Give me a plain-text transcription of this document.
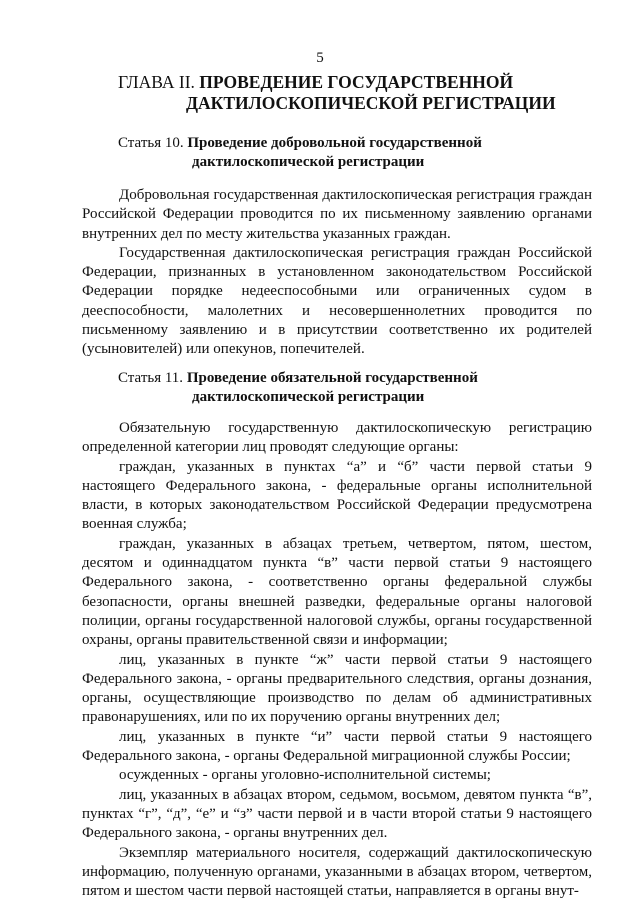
5
ГЛАВА II. ПРОВЕДЕНИЕ ГОСУДАРСТВЕННОЙ
ДАКТИЛОСКОПИЧЕСКОЙ РЕГИСТРАЦИИ
Статья 10. Проведение добровольной государственной
дактилоскопической регистрации

Добровольная государственная дактилоскопическая регистрация граждан Российской Федерации проводится по их письменному заявлению органами внутренних дел по месту жительства указанных граждан.

Государственная дактилоскопическая регистрация граждан Российской Федерации, признанных в установленном законодательством Российской Федерации порядке недееспособными или ограниченных судом в дееспособности, малолетних и несовершеннолетних проводится по письменному заявлению и в присутствии соответственно их родителей (усыновителей) или опекунов, попечителей.

Статья 11. Проведение обязательной государственной
дактилоскопической регистрации

Обязательную государственную дактилоскопическую регистрацию определенной категории лиц проводят следующие органы:

граждан, указанных в пунктах “а” и “б” части первой статьи 9 настоящего Федерального закона, - федеральные органы исполнительной власти, в которых законодательством Российской Федерации предусмотрена военная служба;

граждан, указанных в абзацах третьем, четвертом, пятом, шестом, десятом и одиннадцатом пункта “в” части первой статьи 9 настоящего Федерального закона, - соответственно органы федеральной службы безопасности, органы внешней разведки, федеральные органы налоговой полиции, органы государственной налоговой службы, органы государственной охраны, органы правительственной связи и информации;

лиц, указанных в пункте “ж” части первой статьи 9 настоящего Федерального закона, - органы предварительного следствия, органы дознания, органы, осуществляющие производство по делам об административных правонарушениях, или по их поручению органы внутренних дел;

лиц, указанных в пункте “и” части первой статьи 9 настоящего Федерального закона, - органы Федеральной миграционной службы России;

осужденных - органы уголовно-исполнительной системы;

лиц, указанных в абзацах втором, седьмом, восьмом, девятом пункта “в”, пунктах “г”, “д”, “е” и “з” части первой и в части второй статьи 9 настоящего Федерального закона, - органы внутренних дел.

Экземпляр материального носителя, содержащий дактилоскопическую информацию, полученную органами, указанными в абзацах втором, четвертом, пятом и шестом части первой настоящей статьи, направляется в органы внут-
